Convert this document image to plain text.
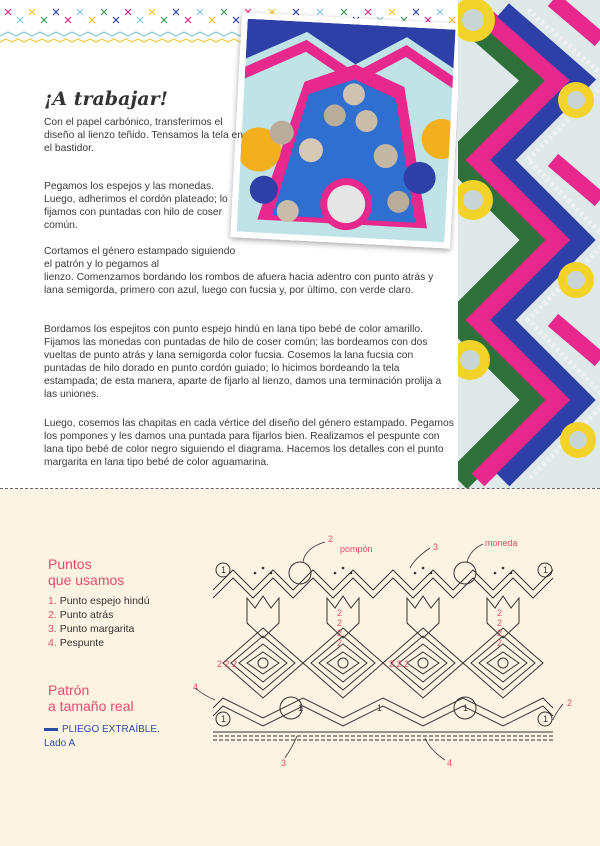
¡A trabajar!

Con el papel carbónico, transferimos el diseño al lienzo teñido. Tensamos la tela en el bastidor.

Pegamos los espejos y las monedas. Luego, adherimos el cordón plateado; lo fijamos con puntadas con hilo de coser común.

Cortamos el género estampado siguiendo el patrón y lo pegamos al

lienzo. Comenzamos bordando los rombos de afuera hacia adentro con punto atrás y lana semigorda, primero con azul, luego con fucsia y, por último, con verde claro.

Bordamos los espejitos con punto espejo hindú en lana tipo bebé de color amarillo. Fijamos las monedas con puntadas de hilo de coser común; las bordeamos con dos vueltas de punto atrás y lana semigorda color fucsia. Cosemos la lana fucsia con puntadas de hilo dorado en punto cordón guiado; lo hicimos bordeando la tela estampada; de esta manera, aparte de fijarlo al lienzo, damos una terminación prolija a las uniones.

Luego, cosemos las chapitas en cada vértice del diseño del género estampado. Pegamos los pompones y les damos una puntada para fijarlos bien. Realizamos el pespunte con lana tipo bebé de color negro siguiendo el diagrama. Hacemos los detalles con el punto margarita en lana tipo bebé de color aguamarina.

Puntos
que usamos
1. Punto espejo hindú
2. Punto atrás
3. Punto margarita
4. Pespunte
Patrón
a tamaño real
PLIEGO EXTRAÍBLE.
Lado A
1	1
1	1	1
1	1
2 2 2	2 2 2
2
2
2
2
2
2
2
2
2
3
4
2
3	4
pompón
moneda
